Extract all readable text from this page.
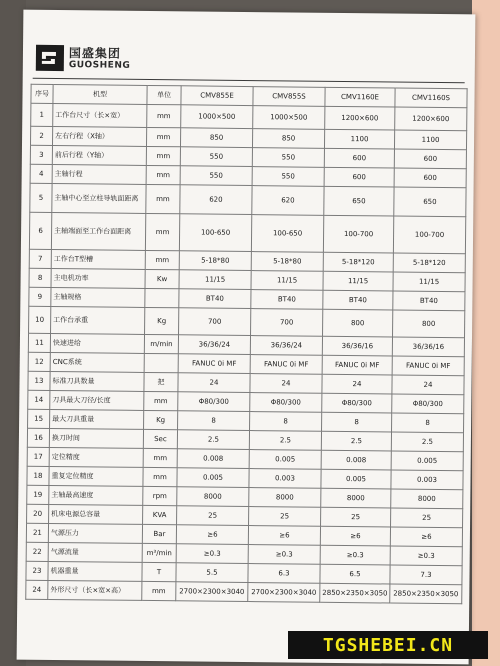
国盛集团
GUOSHENG
序号	机型	单位	CMV855E	CMV855S	CMV1160E	CMV1160S
1	工作台尺寸（长×宽）	mm	1000×500	1000×500	1200×600	1200×600
2	左右行程（X轴）	mm	850	850	1100	1100
3	前后行程（Y轴）	mm	550	550	600	600
4	主轴行程	mm	550	550	600	600
5	主轴中心至立柱导轨面距离	mm	620	620	650	650
6	主轴端面至工作台面距离	mm	100-650	100-650	100-700	100-700
7	工作台T型槽	mm	5-18*80	5-18*80	5-18*120	5-18*120
8	主电机功率	Kw	11/15	11/15	11/15	11/15
9	主轴规格		BT40	BT40	BT40	BT40
10	工作台承重	Kg	700	700	800	800
11	快速进给	m/min	36/36/24	36/36/24	36/36/16	36/36/16
12	CNC系统		FANUC 0i MF	FANUC 0i MF	FANUC 0i MF	FANUC 0i MF
13	标准刀具数量	把	24	24	24	24
14	刀具最大刀径/长度	mm	Φ80/300	Φ80/300	Φ80/300	Φ80/300
15	最大刀具重量	Kg	8	8	8	8
16	换刀时间	Sec	2.5	2.5	2.5	2.5
17	定位精度	mm	0.008	0.005	0.008	0.005
18	重复定位精度	mm	0.005	0.003	0.005	0.003
19	主轴最高速度	rpm	8000	8000	8000	8000
20	机床电源总容量	KVA	25	25	25	25
21	气源压力	Bar	≥6	≥6	≥6	≥6
22	气源流量	m³/min	≥0.3	≥0.3	≥0.3	≥0.3
23	机器重量	T	5.5	6.3	6.5	7.3
24	外形尺寸（长×宽×高）	mm	2700×2300×3040	2700×2300×3040	2850×2350×3050	2850×2350×3050
TGSHEBEI.CN
